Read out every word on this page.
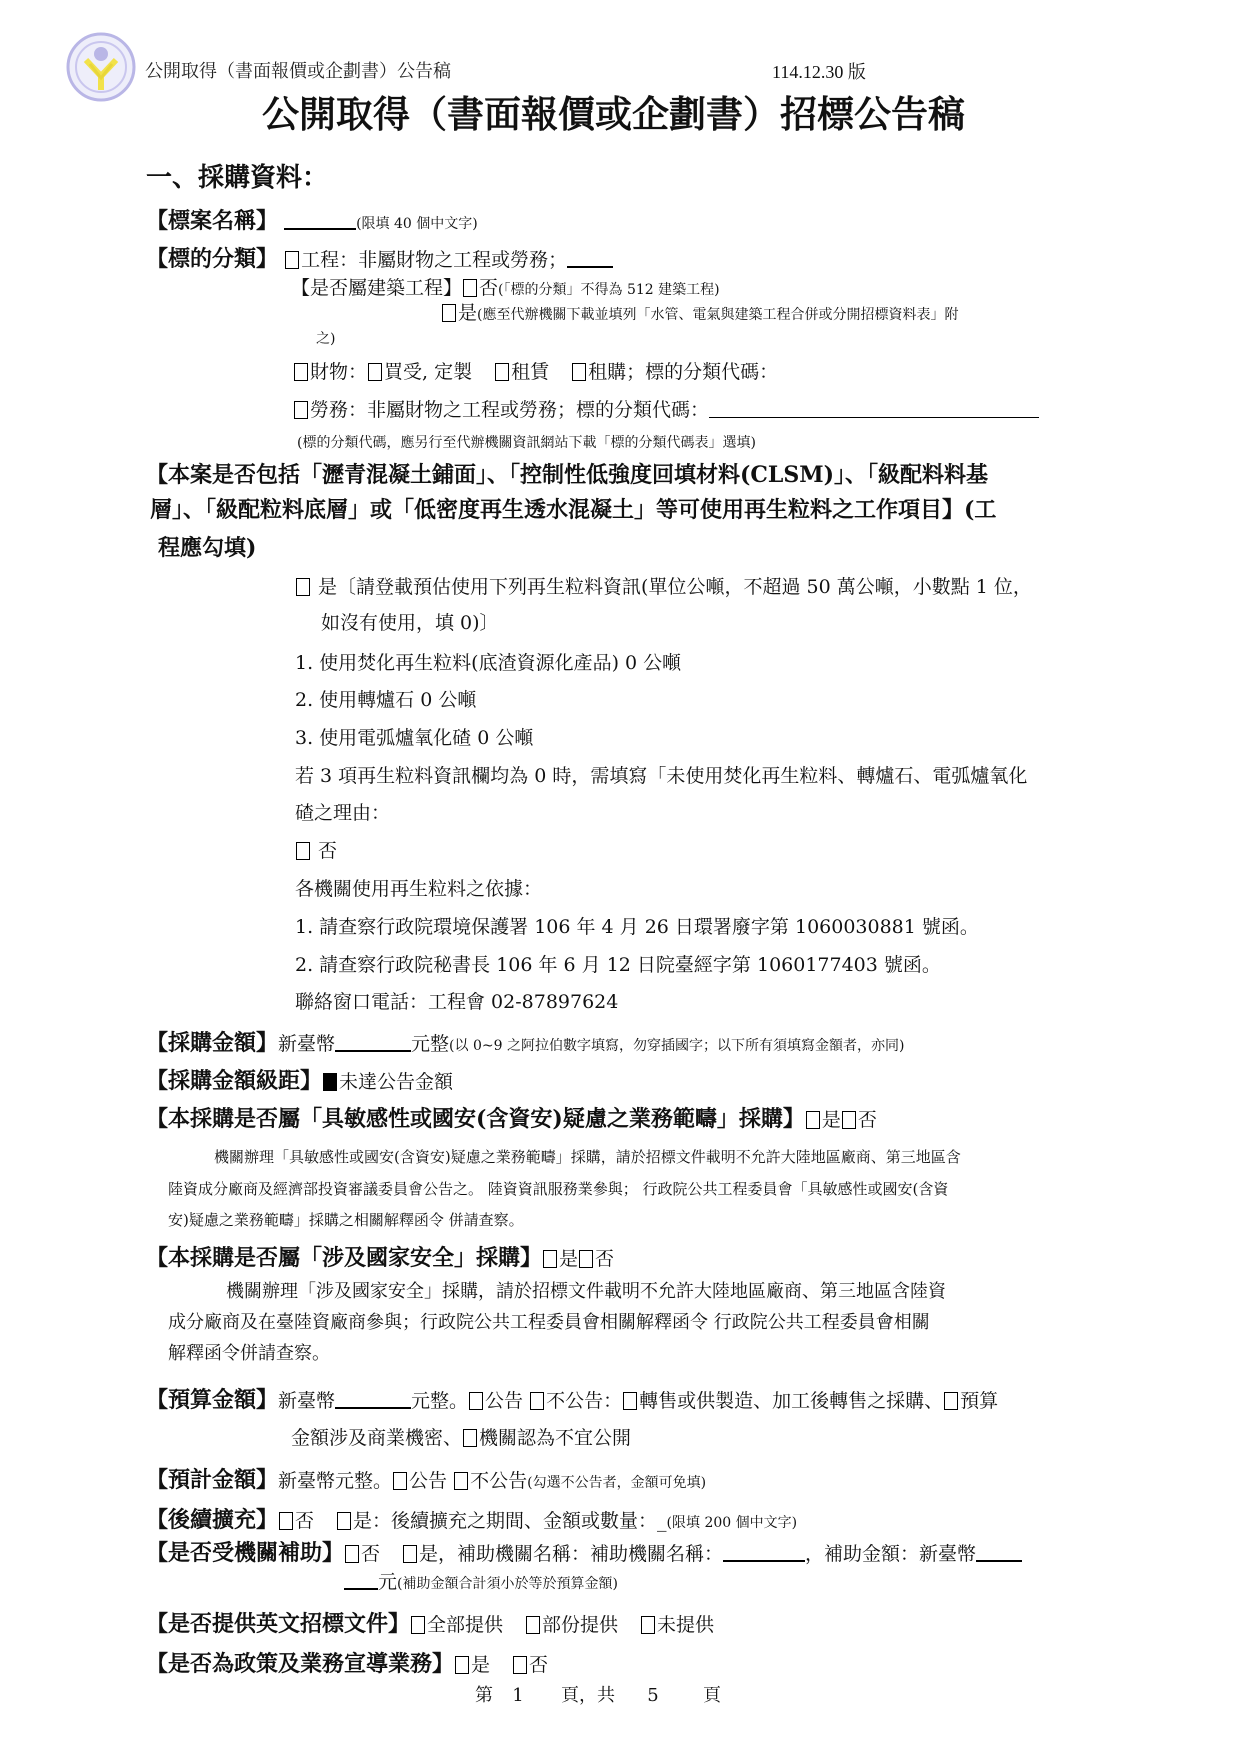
公開取得（書面報價或企劃書）公告稿	114.12.30 版
公開取得（書面報價或企劃書）招標公告稿
一、採購資料：
【標案名稱】	(限填 40 個中文字)
【標的分類】 工程：非屬財物之工程或勞務；
【是否屬建築工程】 否(「標的分類」不得為 512 建築工程)
是(應至代辦機關下載並填列「水管、電氣與建築工程合併或分開招標資料表」附
之)
財物： 買受, 定製 租賃 租購；標的分類代碼：
勞務：非屬財物之工程或勞務；標的分類代碼：
(標的分類代碼，應另行至代辦機關資訊網站下載「標的分類代碼表」選填)
【本案是否包括「瀝青混凝土鋪面」、「控制性低強度回填材料(CLSM)」、「級配料料基
層」、「級配粒料底層」或「低密度再生透水混凝土」等可使用再生粒料之工作項目】(工
程應勾填)
是〔請登載預估使用下列再生粒料資訊(單位公噸，不超過 50 萬公噸，小數點 1 位，
如沒有使用，填 0)〕
1. 使用焚化再生粒料(底渣資源化產品) 0 公噸
2. 使用轉爐石 0 公噸
3. 使用電弧爐氧化碴 0 公噸
若 3 項再生粒料資訊欄均為 0 時，需填寫「未使用焚化再生粒料、轉爐石、電弧爐氧化
碴之理由：
否
各機關使用再生粒料之依據：
1. 請查察行政院環境保護署 106 年 4 月 26 日環署廢字第 1060030881 號函。
2. 請查察行政院秘書長 106 年 6 月 12 日院臺經字第 1060177403 號函。
聯絡窗口電話：工程會 02-87897624
【採購金額】新臺幣	元整(以 0~9 之阿拉伯數字填寫，勿穿插國字；以下所有須填寫金額者，亦同)
【採購金額級距】 未達公告金額
【本採購是否屬「具敏感性或國安(含資安)疑慮之業務範疇」採購】 是 否
機關辦理「具敏感性或國安(含資安)疑慮之業務範疇」採購，請於招標文件載明不允許大陸地區廠商、第三地區含
陸資成分廠商及經濟部投資審議委員會公告之。 陸資資訊服務業參與； 行政院公共工程委員會「具敏感性或國安(含資
安)疑慮之業務範疇」採購之相關解釋函令 併請查察。
【本採購是否屬「涉及國家安全」採購】 是 否
機關辦理「涉及國家安全」採購，請於招標文件載明不允許大陸地區廠商、第三地區含陸資
成分廠商及在臺陸資廠商參與；行政院公共工程委員會相關解釋函令 行政院公共工程委員會相關
解釋函令併請查察。
【預算金額】新臺幣	元整。 公告 不公告： 轉售或供製造、加工後轉售之採購、 預算
金額涉及商業機密、 機關認為不宜公開
【預計金額】新臺幣元整。 公告 不公告(勾選不公告者，金額可免填)
【後續擴充】 否 是：後續擴充之期間、金額或數量：_(限填 200 個中文字)
【是否受機關補助】 否 是，補助機關名稱：補助機關名稱：	，補助金額：新臺幣
元(補助金額合計須小於等於預算金額)
【是否提供英文招標文件】 全部提供 部份提供 未提供
【是否為政策及業務宣導業務】 是 否
第 1 頁，共 5 頁
